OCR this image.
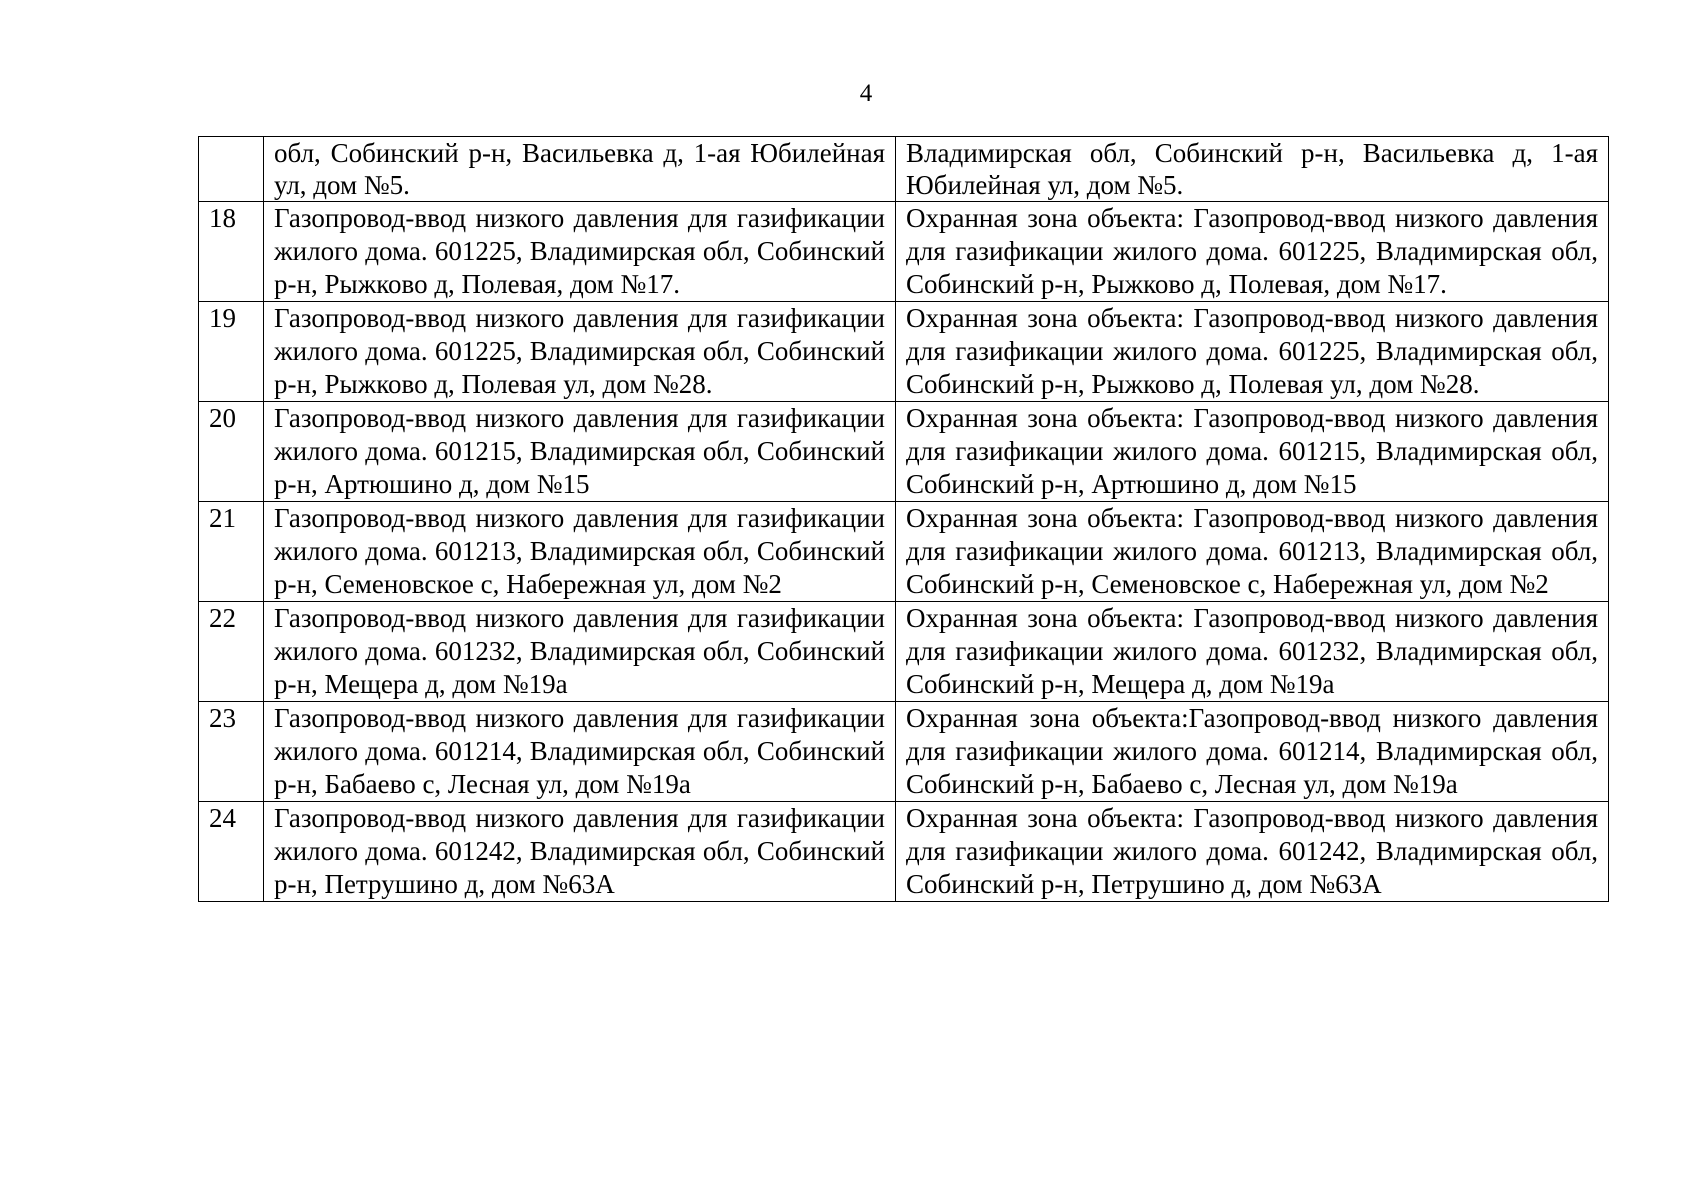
4
	обл, Собинский р-н, Васильевка д, 1-ая Юбилейная ул, дом №5.	Владимирская обл, Собинский р-н, Васильевка д, 1-ая Юбилейная ул, дом №5.
18	Газопровод-ввод низкого давления для газификации жилого дома. 601225, Владимирская обл, Собинский р-н, Рыжково д, Полевая, дом №17.	Охранная зона объекта: Газопровод-ввод низкого давления для газификации жилого дома. 601225, Владимирская обл, Собинский р-н, Рыжково д, Полевая, дом №17.
19	Газопровод-ввод низкого давления для газификации жилого дома. 601225, Владимирская обл, Собинский р-н, Рыжково д, Полевая ул, дом №28.	Охранная зона объекта: Газопровод-ввод низкого давления для газификации жилого дома. 601225, Владимирская обл, Собинский р-н, Рыжково д, Полевая ул, дом №28.
20	Газопровод-ввод низкого давления для газификации жилого дома. 601215, Владимирская обл, Собинский р-н, Артюшино д, дом №15	Охранная зона объекта: Газопровод-ввод низкого давления для газификации жилого дома. 601215, Владимирская обл, Собинский р-н, Артюшино д, дом №15
21	Газопровод-ввод низкого давления для газификации жилого дома. 601213, Владимирская обл, Собинский р-н, Семеновское с, Набережная ул, дом №2	Охранная зона объекта: Газопровод-ввод низкого давления для газификации жилого дома. 601213, Владимирская обл, Собинский р-н, Семеновское с, Набережная ул, дом №2
22	Газопровод-ввод низкого давления для газификации жилого дома. 601232, Владимирская обл, Собинский р-н, Мещера д, дом №19а	Охранная зона объекта: Газопровод-ввод низкого давления для газификации жилого дома. 601232, Владимирская обл, Собинский р-н, Мещера д, дом №19а
23	Газопровод-ввод низкого давления для газификации жилого дома. 601214, Владимирская обл, Собинский р-н, Бабаево с, Лесная ул, дом №19а	Охранная зона объекта:Газопровод-ввод низкого давления для газификации жилого дома. 601214, Владимирская обл, Собинский р-н, Бабаево с, Лесная ул, дом №19а
24	Газопровод-ввод низкого давления для газификации жилого дома. 601242, Владимирская обл, Собинский р-н, Петрушино д, дом №63А	Охранная зона объекта: Газопровод-ввод низкого давления для газификации жилого дома. 601242, Владимирская обл, Собинский р-н, Петрушино д, дом №63А
